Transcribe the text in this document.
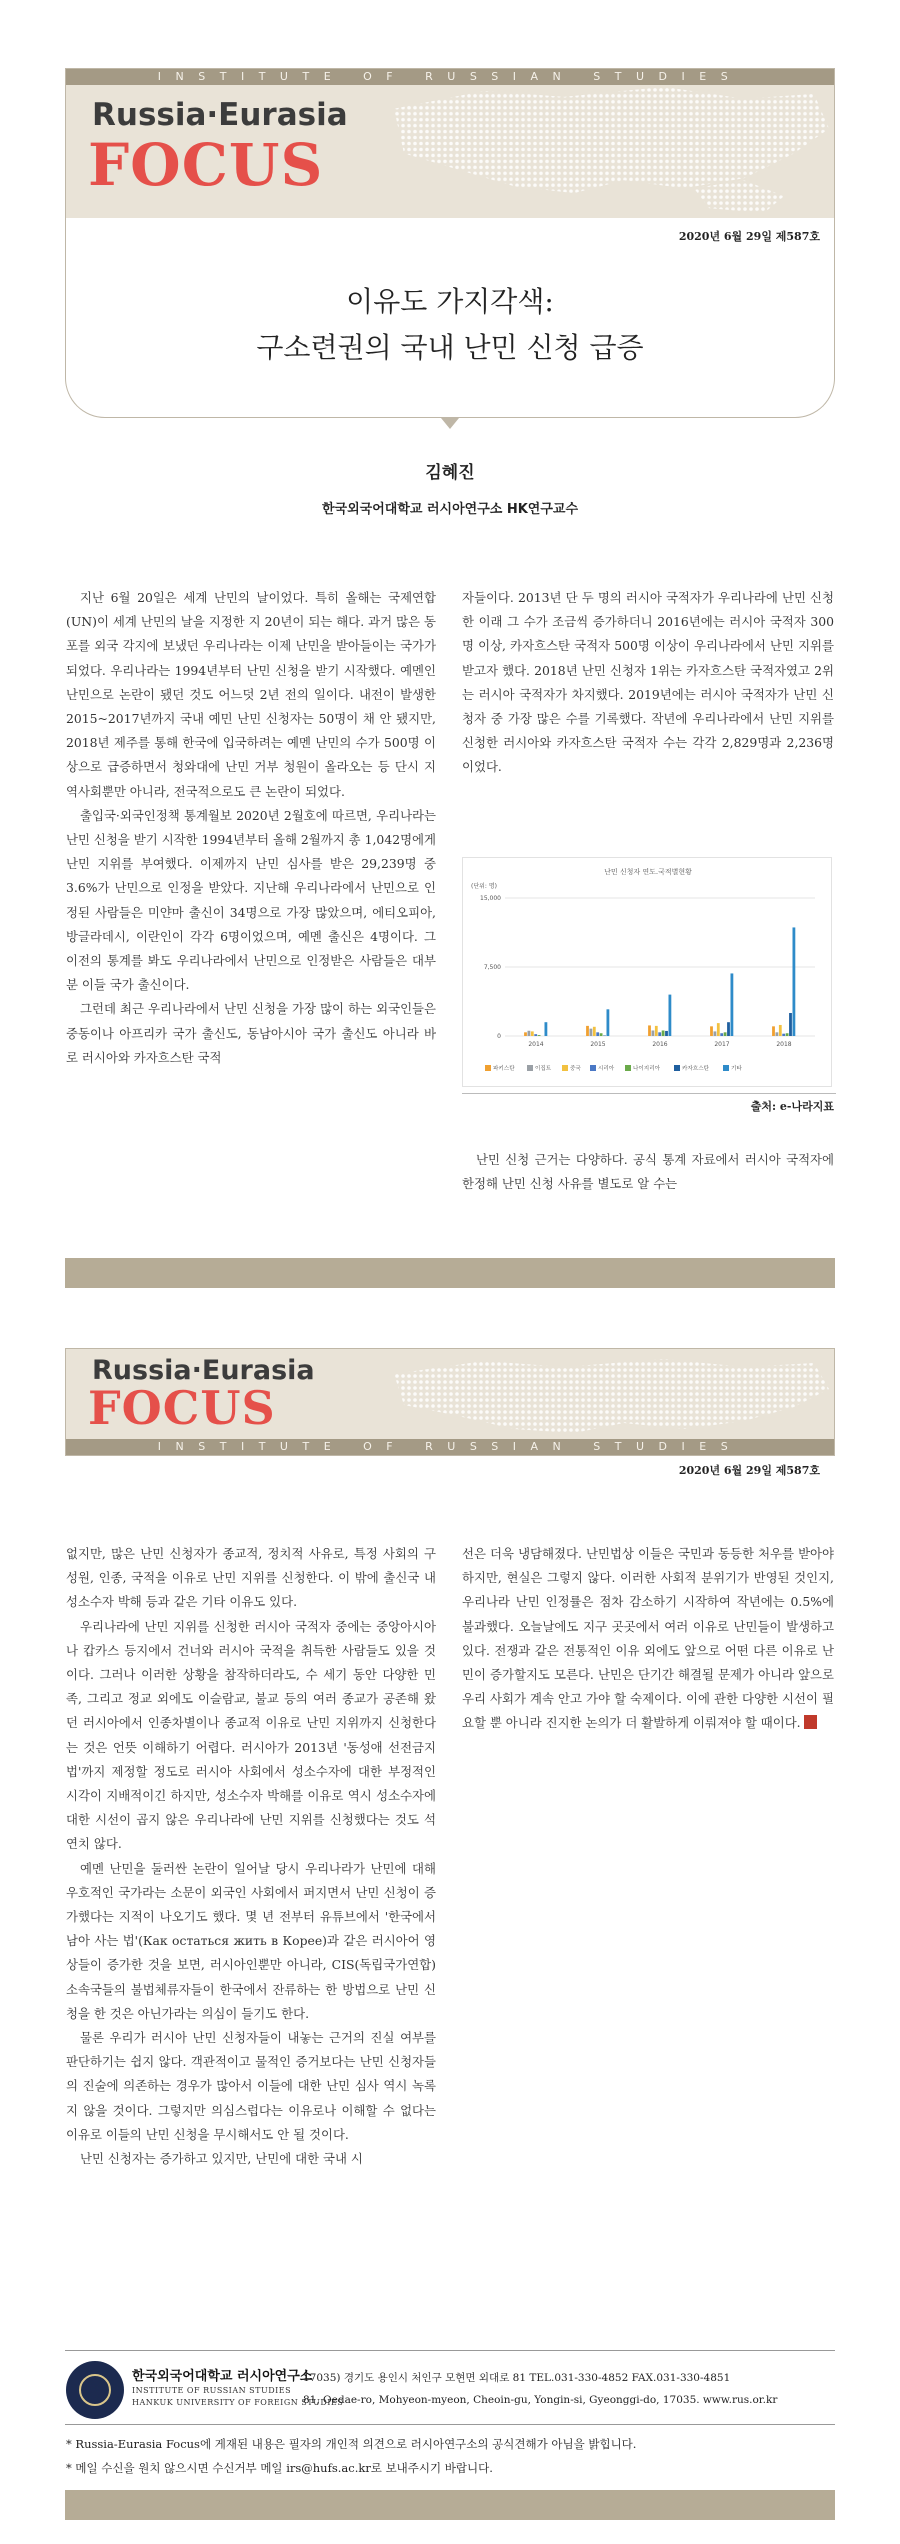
INSTITUTE OF RUSSIAN STUDIES
Russia·Eurasia
FOCUS
2020년 6월 29일 제587호
이유도 가지각색:
구소련권의 국내 난민 신청 급증
김혜진
한국외국어대학교 러시아연구소 HK연구교수

지난 6월 20일은 세계 난민의 날이었다. 특히 올해는 국제연합(UN)이 세계 난민의 날을 지정한 지 20년이 되는 해다. 과거 많은 동포를 외국 각지에 보냈던 우리나라는 이제 난민을 받아들이는 국가가 되었다. 우리나라는 1994년부터 난민 신청을 받기 시작했다. 예멘인 난민으로 논란이 됐던 것도 어느덧 2년 전의 일이다. 내전이 발생한 2015~2017년까지 국내 예민 난민 신청자는 50명이 채 안 됐지만, 2018년 제주를 통해 한국에 입국하려는 예멘 난민의 수가 500명 이상으로 급증하면서 청와대에 난민 거부 청원이 올라오는 등 단시 지역사회뿐만 아니라, 전국적으로도 큰 논란이 되었다.

출입국·외국인정책 통계월보 2020년 2월호에 따르면, 우리나라는 난민 신청을 받기 시작한 1994년부터 올해 2월까지 총 1,042명에게 난민 지위를 부여했다. 이제까지 난민 심사를 받은 29,239명 중 3.6%가 난민으로 인정을 받았다. 지난해 우리나라에서 난민으로 인정된 사람들은 미얀마 출신이 34명으로 가장 많았으며, 에티오피아, 방글라데시, 이란인이 각각 6명이었으며, 예멘 출신은 4명이다. 그 이전의 통계를 봐도 우리나라에서 난민으로 인정받은 사람들은 대부분 이들 국가 출신이다.

그런데 최근 우리나라에서 난민 신청을 가장 많이 하는 외국인들은 중동이나 아프리카 국가 출신도, 동남아시아 국가 출신도 아니라 바로 러시아와 카자흐스탄 국적

자들이다. 2013년 단 두 명의 러시아 국적자가 우리나라에 난민 신청한 이래 그 수가 조금씩 증가하더니 2016년에는 러시아 국적자 300명 이상, 카자흐스탄 국적자 500명 이상이 우리나라에서 난민 지위를 받고자 했다. 2018년 난민 신청자 1위는 카자흐스탄 국적자였고 2위는 러시아 국적자가 차지했다. 2019년에는 러시아 국적자가 난민 신청자 중 가장 많은 수를 기록했다. 작년에 우리나라에서 난민 지위를 신청한 러시아와 카자흐스탄 국적자 수는 각각 2,829명과 2,236명이었다.

난민 신청자 연도.국적별현황
(단위: 명)
0
7,500
15,000
2014	2015	2016	2017	2018
파키스탄	이집트	중국	시리아	나이지리아	카자흐스탄	기타
출처: e-나라지표

난민 신청 근거는 다양하다. 공식 통계 자료에서 러시아 국적자에 한정해 난민 신청 사유를 별도로 알 수는

Russia·Eurasia
FOCUS
INSTITUTE OF RUSSIAN STUDIES
2020년 6월 29일 제587호

없지만, 많은 난민 신청자가 종교적, 정치적 사유로, 특정 사회의 구성원, 인종, 국적을 이유로 난민 지위를 신청한다. 이 밖에 출신국 내 성소수자 박해 등과 같은 기타 이유도 있다.

우리나라에 난민 지위를 신청한 러시아 국적자 중에는 중앙아시아나 캅카스 등지에서 건너와 러시아 국적을 취득한 사람들도 있을 것이다. 그러나 이러한 상황을 참작하더라도, 수 세기 동안 다양한 민족, 그리고 정교 외에도 이슬람교, 불교 등의 여러 종교가 공존해 왔던 러시아에서 인종차별이나 종교적 이유로 난민 지위까지 신청한다는 것은 언뜻 이해하기 어렵다. 러시아가 2013년 '동성애 선전금지법'까지 제정할 정도로 러시아 사회에서 성소수자에 대한 부정적인 시각이 지배적이긴 하지만, 성소수자 박해를 이유로 역시 성소수자에 대한 시선이 곱지 않은 우리나라에 난민 지위를 신청했다는 것도 석연치 않다.

예멘 난민을 둘러싼 논란이 일어날 당시 우리나라가 난민에 대해 우호적인 국가라는 소문이 외국인 사회에서 퍼지면서 난민 신청이 증가했다는 지적이 나오기도 했다. 몇 년 전부터 유튜브에서 '한국에서 남아 사는 법'(Как остаться жить в Корее)과 같은 러시아어 영상들이 증가한 것을 보면, 러시아인뿐만 아니라, CIS(독립국가연합) 소속국들의 불법체류자들이 한국에서 잔류하는 한 방법으로 난민 신청을 한 것은 아닌가라는 의심이 들기도 한다.

물론 우리가 러시아 난민 신청자들이 내놓는 근거의 진실 여부를 판단하기는 쉽지 않다. 객관적이고 물적인 증거보다는 난민 신청자들의 진술에 의존하는 경우가 많아서 이들에 대한 난민 심사 역시 녹록지 않을 것이다. 그렇지만 의심스럽다는 이유로나 이해할 수 없다는 이유로 이들의 난민 신청을 무시해서도 안 될 것이다.

난민 신청자는 증가하고 있지만, 난민에 대한 국내 시

선은 더욱 냉담해졌다. 난민법상 이들은 국민과 동등한 처우를 받아야 하지만, 현실은 그렇지 않다. 이러한 사회적 분위기가 반영된 것인지, 우리나라 난민 인정률은 점차 감소하기 시작하여 작년에는 0.5%에 불과했다. 오늘날에도 지구 곳곳에서 여러 이유로 난민들이 발생하고 있다. 전쟁과 같은 전통적인 이유 외에도 앞으로 어떤 다른 이유로 난민이 증가할지도 모른다. 난민은 단기간 해결될 문제가 아니라 앞으로 우리 사회가 계속 안고 가야 할 숙제이다. 이에 관한 다양한 시선이 필요할 뿐 아니라 진지한 논의가 더 활발하게 이뤄져야 할 때이다.

한국외국어대학교 러시아연구소
INSTITUTE OF RUSSIAN STUDIES
HANKUK UNIVERSITY OF FOREIGN STUDIES
17035) 경기도 용인시 처인구 모현면 외대로 81 TEL.031-330-4852 FAX.031-330-4851
81, Oedae-ro, Mohyeon-myeon, Cheoin-gu, Yongin-si, Gyeonggi-do, 17035. www.rus.or.kr
* Russia-Eurasia Focus에 게재된 내용은 필자의 개인적 의견으로 러시아연구소의 공식견해가 아님을 밝힙니다.
* 메일 수신을 원치 않으시면 수신거부 메일 irs@hufs.ac.kr로 보내주시기 바랍니다.
